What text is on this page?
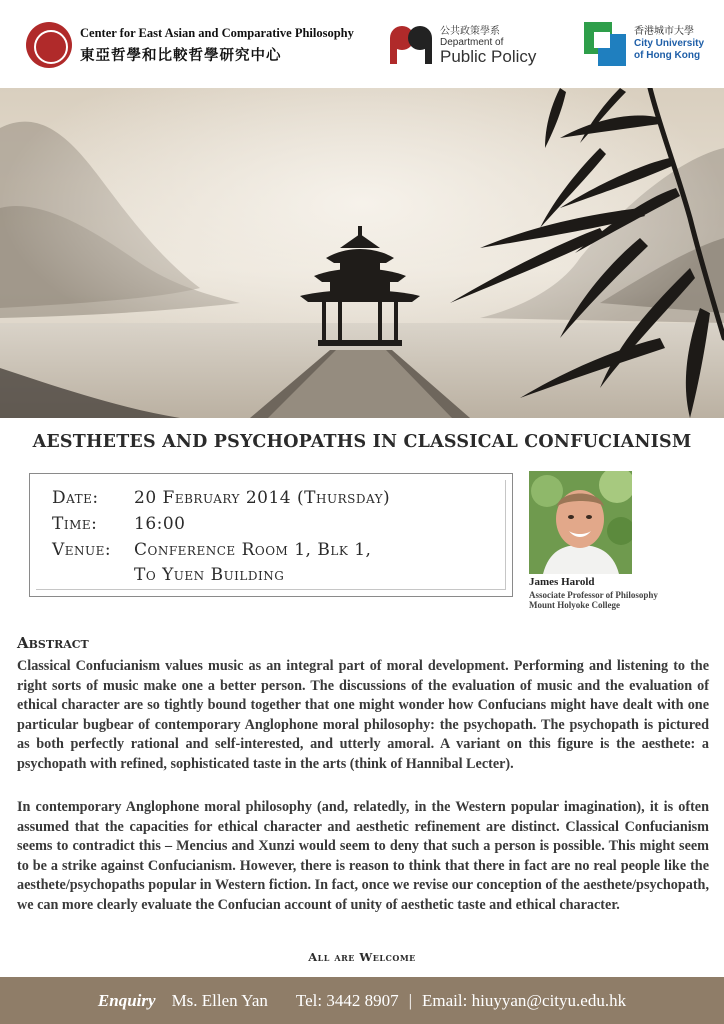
Center for East Asian and Comparative Philosophy
東亞哲學和比較哲學研究中心
公共政策學系
Department of
Public Policy
香港城市大學
City University
of Hong Kong
AESTHETES AND PSYCHOPATHS IN CLASSICAL CONFUCIANISM
Date: 20 February 2014 (Thursday)
Time: 16:00
Venue: Conference Room 1, Blk 1,
To Yuen Building	James Harold
Associate Professor of Philosophy
Mount Holyoke College
Abstract
Classical Confucianism values music as an integral part of moral development. Performing and listening to the right sorts of music make one a better person. The discussions of the evaluation of music and the evaluation of ethical character are so tightly bound together that one might wonder how Confucians might have dealt with one particular bugbear of contemporary Anglophone moral philosophy: the psychopath. The psychopath is pictured as both perfectly rational and self-interested, and utterly amoral. A variant on this figure is the aesthete: a psychopath with refined, sophisticated taste in the arts (think of Hannibal Lecter).
In contemporary Anglophone moral philosophy (and, relatedly, in the Western popular imagination), it is often assumed that the capacities for ethical character and aesthetic refinement are distinct. Classical Confucianism seems to contradict this – Mencius and Xunzi would seem to deny that such a person is possible. This might seem to be a strike against Confucianism. However, there is reason to think that there in fact are no real people like the aesthete/psychopaths popular in Western fiction. In fact, once we revise our conception of the aesthete/psychopath, we can more clearly evaluate the Confucian account of unity of aesthetic taste and ethical character.
All are Welcome
Enquiry Ms. Ellen Yan Tel: 3442 8907 | Email: hiuyyan@cityu.edu.hk
